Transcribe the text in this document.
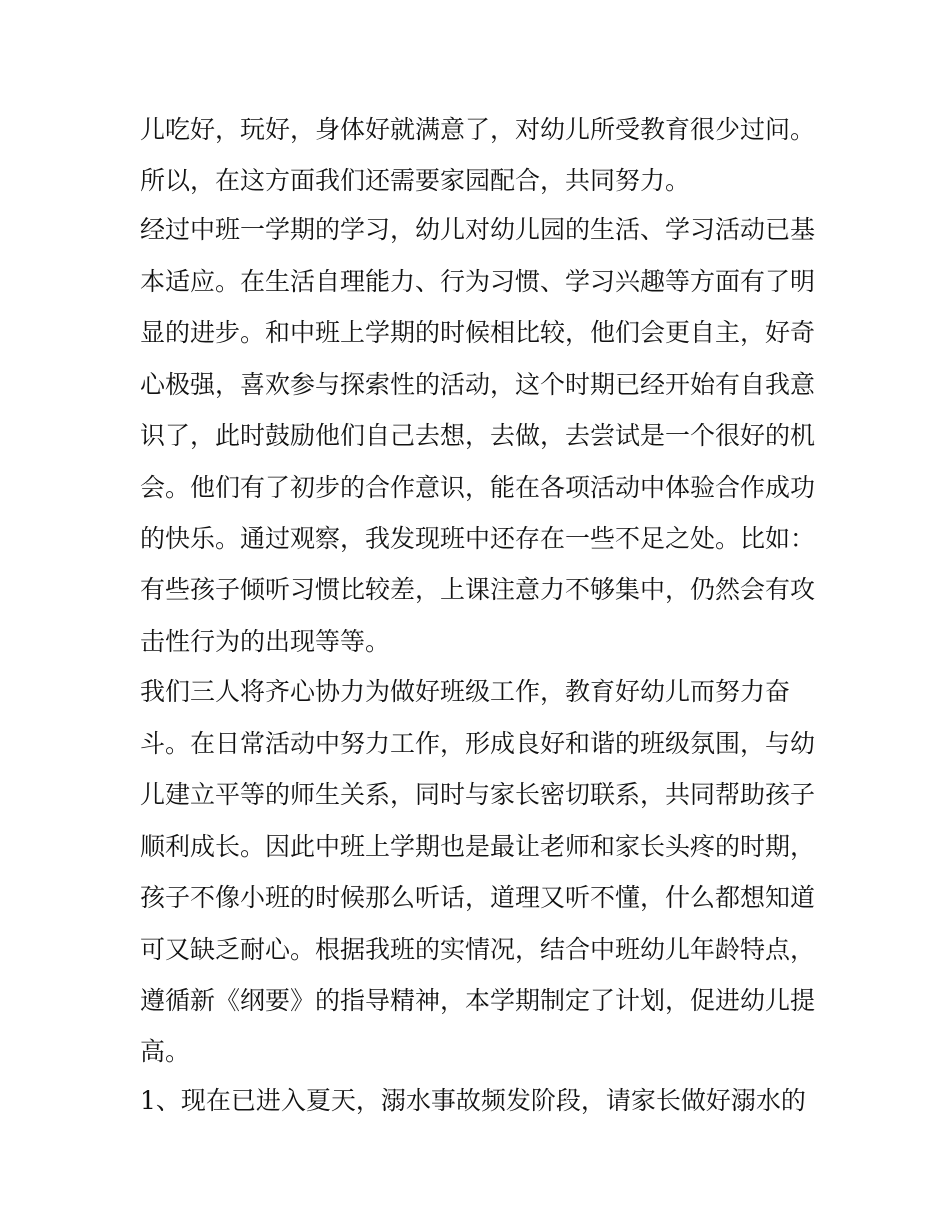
儿吃好，玩好，身体好就满意了，对幼儿所受教育很少过问。
所以，在这方面我们还需要家园配合，共同努力。
经过中班一学期的学习，幼儿对幼儿园的生活、学习活动已基
本适应。在生活自理能力、行为习惯、学习兴趣等方面有了明
显的进步。和中班上学期的时候相比较，他们会更自主，好奇
心极强，喜欢参与探索性的活动，这个时期已经开始有自我意
识了，此时鼓励他们自己去想，去做，去尝试是一个很好的机
会。他们有了初步的合作意识，能在各项活动中体验合作成功
的快乐。通过观察，我发现班中还存在一些不足之处。比如：
有些孩子倾听习惯比较差，上课注意力不够集中，仍然会有攻
击性行为的出现等等。
我们三人将齐心协力为做好班级工作，教育好幼儿而努力奋
斗。在日常活动中努力工作，形成良好和谐的班级氛围，与幼
儿建立平等的师生关系，同时与家长密切联系，共同帮助孩子
顺利成长。因此中班上学期也是最让老师和家长头疼的时期，
孩子不像小班的时候那么听话，道理又听不懂，什么都想知道
可又缺乏耐心。根据我班的实情况，结合中班幼儿年龄特点，
遵循新《纲要》的指导精神，本学期制定了计划，促进幼儿提
高。
1、现在已进入夏天，溺水事故频发阶段，请家长做好溺水的
